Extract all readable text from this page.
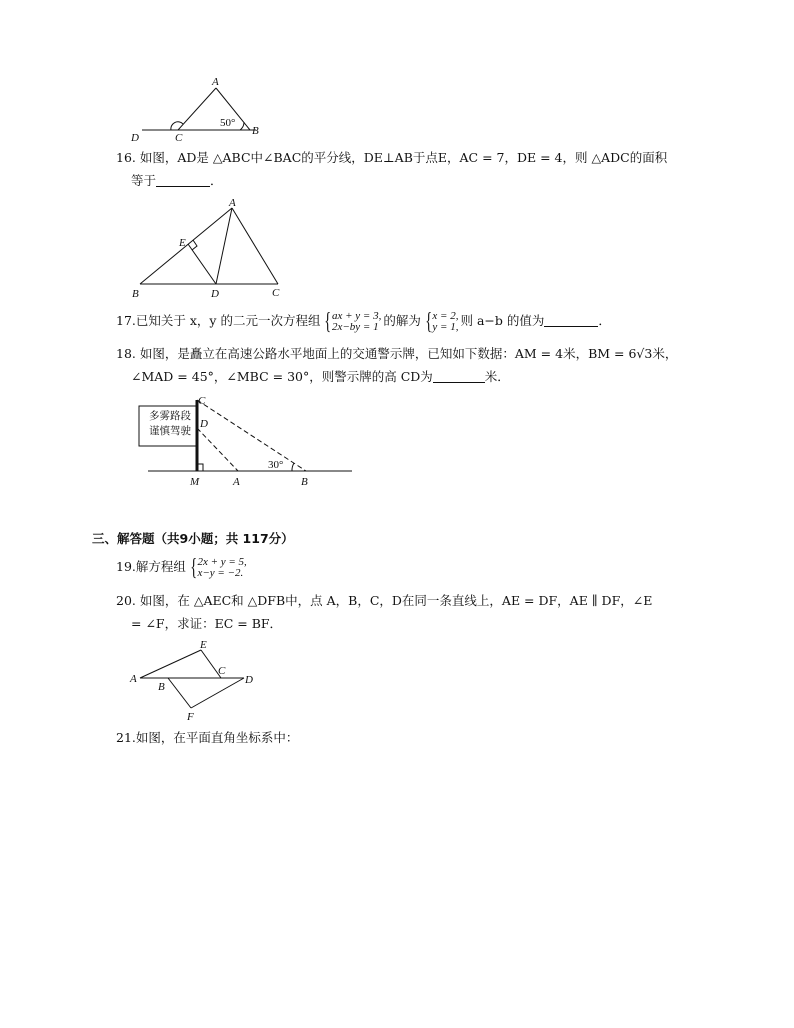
A
B
C
D
50°
16. 如图，AD是 △ABC中∠BAC的平分线，DE⊥AB于点E，AC = 7，DE = 4，则 △ADC的面积
等于	．
A
B	C
D
E
17.已知关于 x，y 的二元一次方程组 { ax + y = 3,
2x−by = 1 的解为 { x = 2,
y = 1, 则 a−b 的值为	．
18. 如图，是矗立在高速公路水平地面上的交通警示牌，已知如下数据：AM = 4米，BM = 6√3米，
∠MAD = 45°，∠MBC = 30°，则警示牌的高 CD为	米．
C
D
M	A	B
30°
多雾路段
谨慎驾驶
三、解答题（共9小题；共 117分）
19.解方程组 { 2x + y = 5,
x−y = −2.
20. 如图，在 △AEC和 △DFB中，点 A，B，C，D在同一条直线上，AE = DF，AE ∥ DF，∠E
= ∠F，求证：EC = BF．
A
B
C
D
E
F
21.如图，在平面直角坐标系中：
